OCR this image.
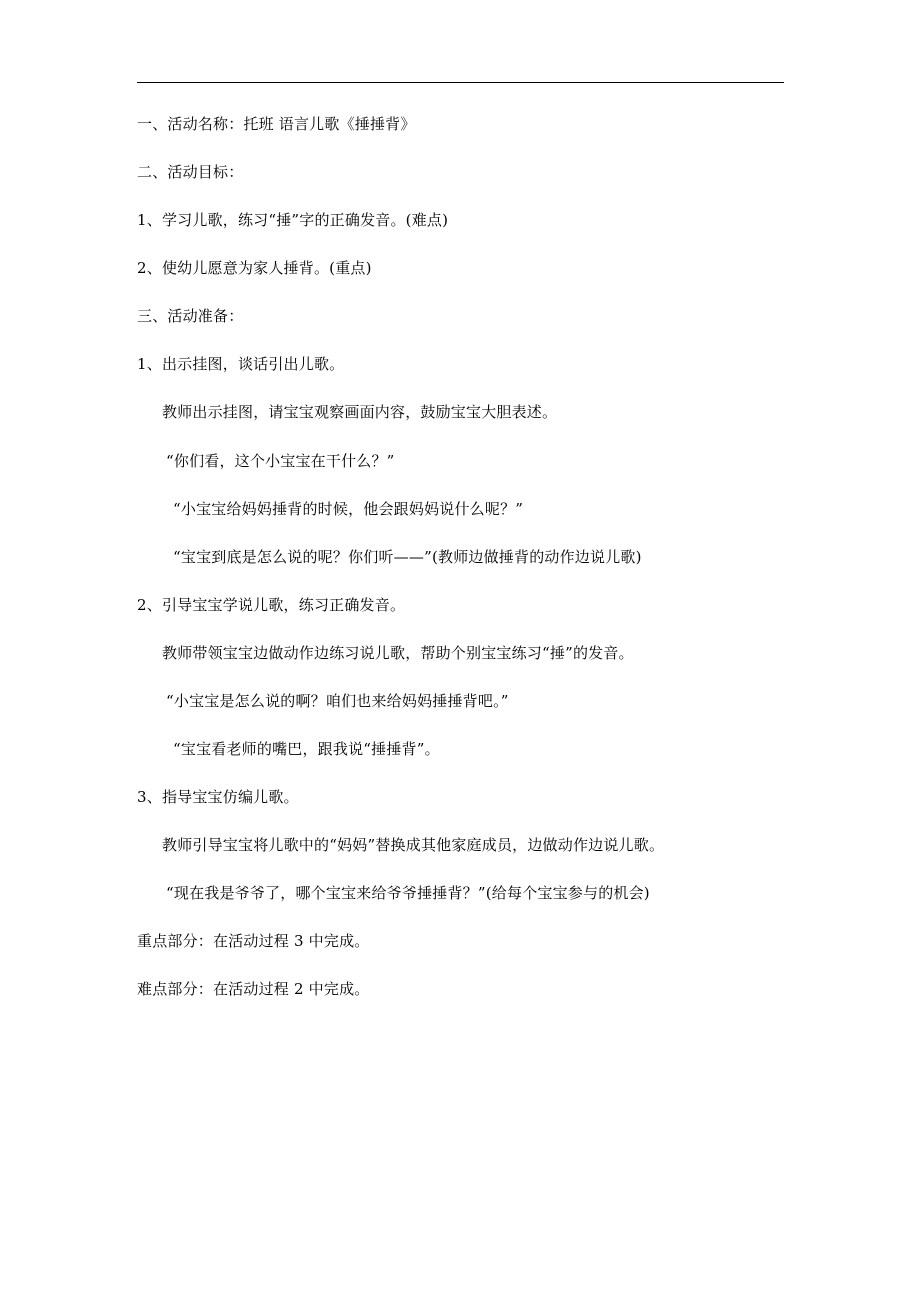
一、活动名称：托班 语言儿歌《捶捶背》
二、活动目标：
1、学习儿歌，练习“捶”字的正确发音。(难点)
2、使幼儿愿意为家人捶背。(重点)
三、活动准备：
1、出示挂图，谈话引出儿歌。
教师出示挂图，请宝宝观察画面内容，鼓励宝宝大胆表述。
“你们看，这个小宝宝在干什么？”
“小宝宝给妈妈捶背的时候，他会跟妈妈说什么呢？”
“宝宝到底是怎么说的呢？你们听——”(教师边做捶背的动作边说儿歌)
2、引导宝宝学说儿歌，练习正确发音。
教师带领宝宝边做动作边练习说儿歌，帮助个别宝宝练习“捶”的发音。
“小宝宝是怎么说的啊？咱们也来给妈妈捶捶背吧。”
“宝宝看老师的嘴巴，跟我说“捶捶背”。
3、指导宝宝仿编儿歌。
教师引导宝宝将儿歌中的“妈妈”替换成其他家庭成员，边做动作边说儿歌。
“现在我是爷爷了，哪个宝宝来给爷爷捶捶背？”(给每个宝宝参与的机会)
重点部分：在活动过程 3 中完成。
难点部分：在活动过程 2 中完成。
